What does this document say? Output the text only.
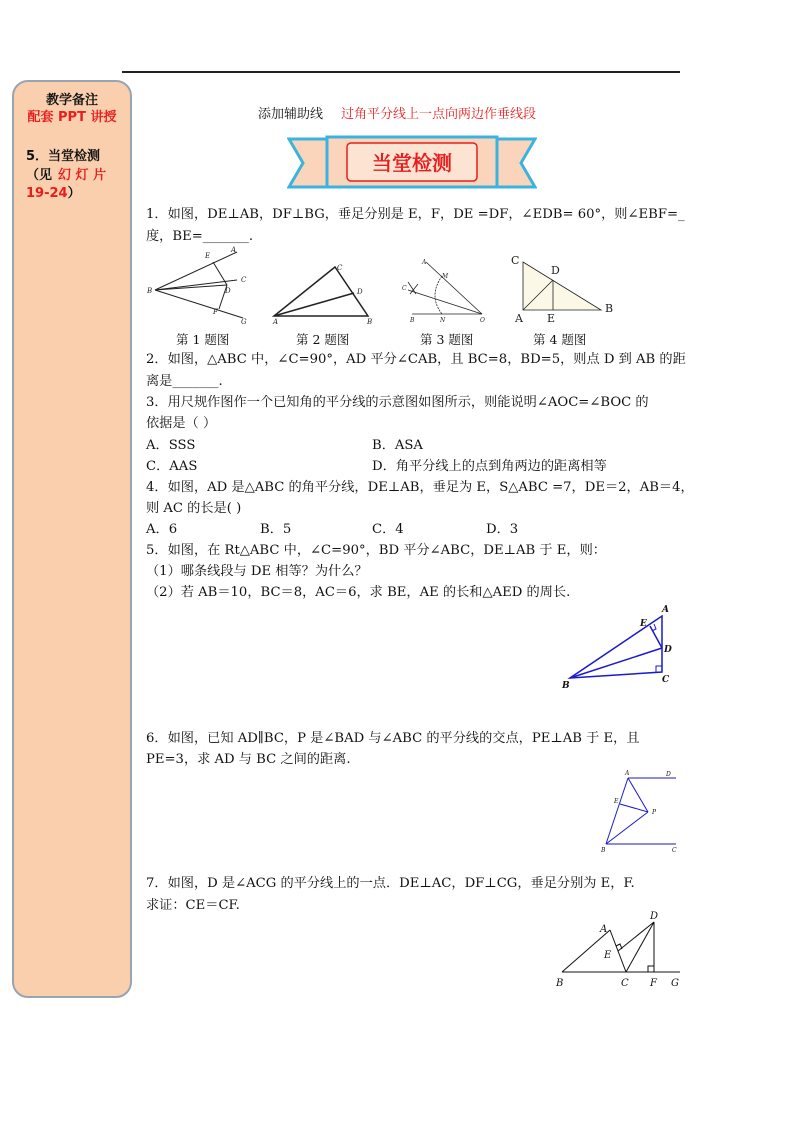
教学备注
配套 PPT 讲授
5．当堂检测
（见 幻 灯 片
19-24）
添加辅助线 过角平分线上一点向两边作垂线段
当堂检测
1．如图，DE⊥AB，DF⊥BG，垂足分别是 E，F，DE =DF，∠EDB= 60°，则∠EBF=_
度，BE=_______.
B
A
E
C
D
F
G
C
D
A	B
A
M
C
N	O
B
C
D
B
A E
第 1 题图	第 2 题图	第 3 题图	第 4 题图
2．如图，△ABC 中，∠C=90°，AD 平分∠CAB，且 BC=8，BD=5，则点 D 到 AB 的距
离是_______.
3．用尺规作图作一个已知角的平分线的示意图如图所示，则能说明∠AOC=∠BOC 的
依据是（ ）
A．SSS	B．ASA
C．AAS	D．角平分线上的点到角两边的距离相等
4．如图，AD 是△ABC 的角平分线，DE⊥AB，垂足为 E，S△ABC =7，DE＝2，AB＝4，
则 AC 的长是( )
A．6	B．5	C．4	D．3
5．如图，在 Rt△ABC 中，∠C=90°，BD 平分∠ABC，DE⊥AB 于 E，则：
（1）哪条线段与 DE 相等？为什么？
（2）若 AB＝10，BC＝8，AC＝6，求 BE，AE 的长和△AED 的周长.
A
E
D
B
C
6．如图，已知 AD∥BC，P 是∠BAD 与∠ABC 的平分线的交点，PE⊥AB 于 E，且
PE=3，求 AD 与 BC 之间的距离.
A	D
E
P
B	C
7．如图，D 是∠ACG 的平分线上的一点．DE⊥AC，DF⊥CG，垂足分别为 E，F.
求证：CE＝CF.
D
A
E
B	C F G
